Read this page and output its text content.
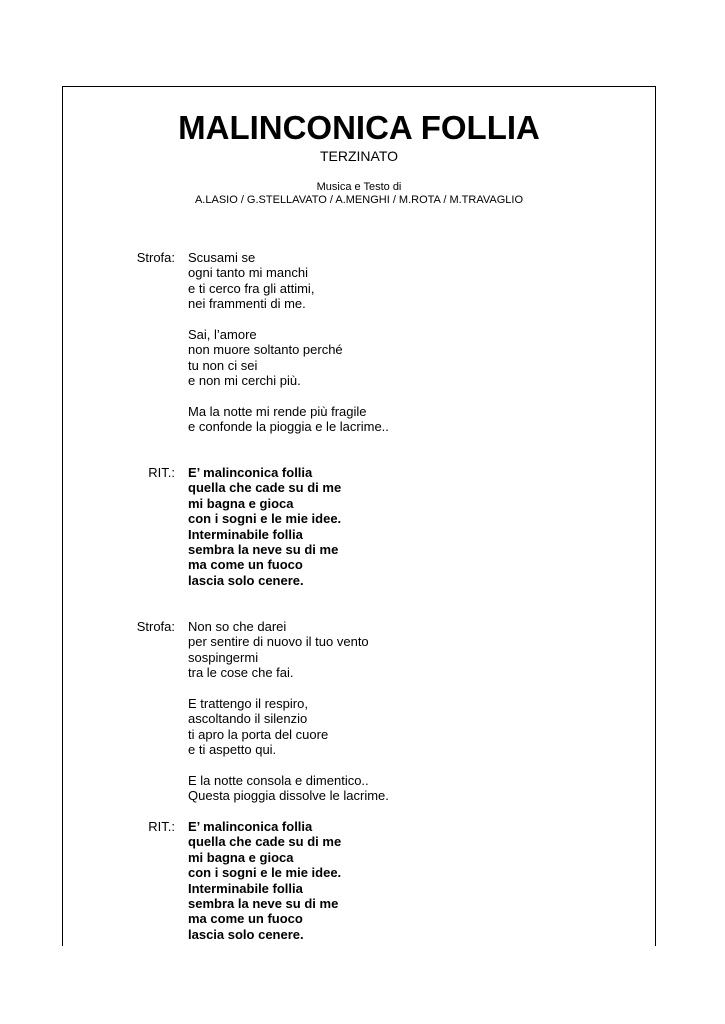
MALINCONICA FOLLIA
TERZINATO
Musica e Testo di
A.LASIO / G.STELLAVATO / A.MENGHI / M.ROTA / M.TRAVAGLIO
Strofa: Scusami se
ogni tanto mi manchi
e ti cerco fra gli attimi,
nei frammenti di me.
Sai, l’amore
non muore soltanto perché
tu non ci sei
e non mi cerchi più.
Ma la notte mi rende più fragile
e confonde la pioggia e le lacrime..
RIT.: E’ malinconica follia
quella che cade su di me
mi bagna e gioca
con i sogni e le mie idee.
Interminabile follia
sembra la neve su di me
ma come un fuoco
lascia solo cenere.
Strofa: Non so che darei
per sentire di nuovo il tuo vento
sospingermi
tra le cose che fai.
E trattengo il respiro,
ascoltando il silenzio
ti apro la porta del cuore
e ti aspetto qui.
E la notte consola e dimentico..
Questa pioggia dissolve le lacrime.
RIT.: E’ malinconica follia
quella che cade su di me
mi bagna e gioca
con i sogni e le mie idee.
Interminabile follia
sembra la neve su di me
ma come un fuoco
lascia solo cenere.
